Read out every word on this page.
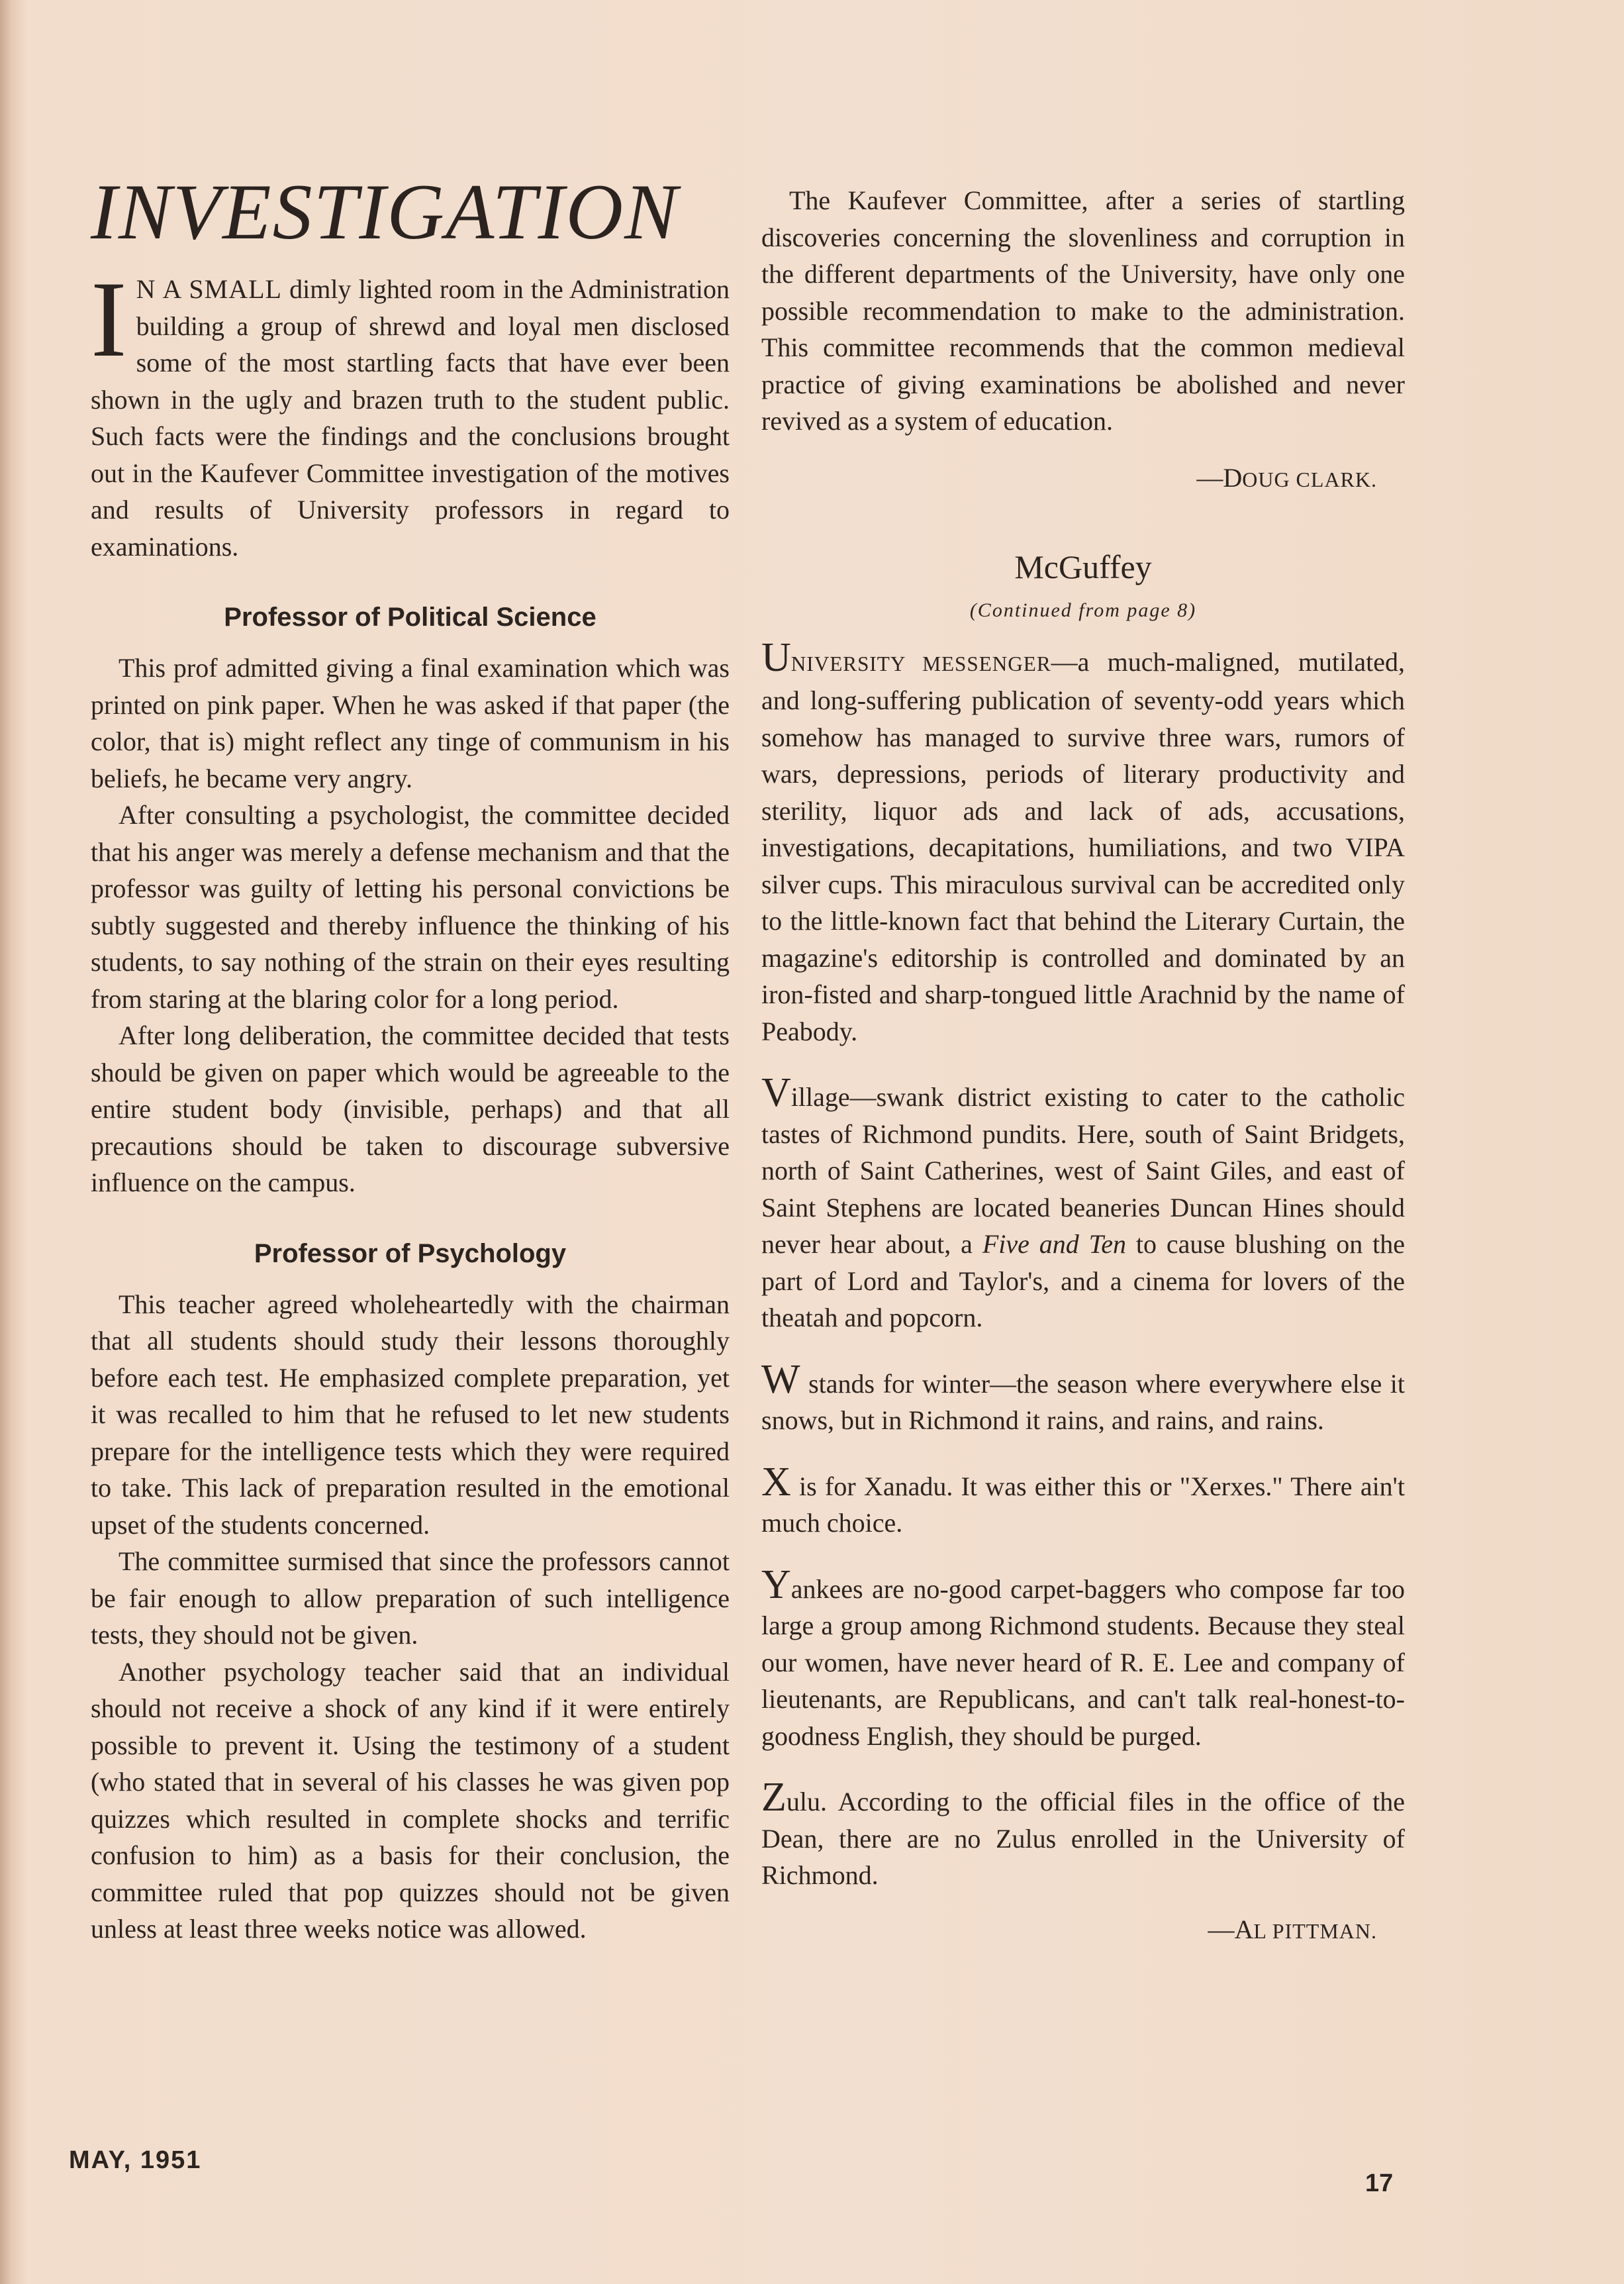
INVESTIGATION

I N A SMALL dimly lighted room in the Administration building a group of shrewd and loyal men disclosed some of the most startling facts that have ever been shown in the ugly and brazen truth to the student public. Such facts were the findings and the conclusions brought out in the Kaufever Committee investigation of the motives and results of University professors in regard to examinations.

Professor of Political Science

This prof admitted giving a final examination which was printed on pink paper. When he was asked if that paper (the color, that is) might reflect any tinge of communism in his beliefs, he became very angry.

After consulting a psychologist, the committee decided that his anger was merely a defense mechanism and that the professor was guilty of letting his personal convictions be subtly suggested and thereby influence the thinking of his students, to say nothing of the strain on their eyes resulting from staring at the blaring color for a long period.

After long deliberation, the committee decided that tests should be given on paper which would be agreeable to the entire student body (invisible, perhaps) and that all precautions should be taken to discourage subversive influence on the campus.

Professor of Psychology

This teacher agreed wholeheartedly with the chairman that all students should study their lessons thoroughly before each test. He emphasized complete preparation, yet it was recalled to him that he refused to let new students prepare for the intelligence tests which they were required to take. This lack of preparation resulted in the emotional upset of the students concerned.

The committee surmised that since the professors cannot be fair enough to allow preparation of such intelligence tests, they should not be given.

Another psychology teacher said that an individual should not receive a shock of any kind if it were entirely possible to prevent it. Using the testimony of a student (who stated that in several of his classes he was given pop quizzes which resulted in complete shocks and terrific confusion to him) as a basis for their conclusion, the committee ruled that pop quizzes should not be given unless at least three weeks notice was allowed.

The Kaufever Committee, after a series of startling discoveries concerning the slovenliness and corruption in the different departments of the University, have only one possible recommendation to make to the administration. This committee recommends that the common medieval practice of giving examinations be abolished and never revived as a system of education.

—DOUG CLARK.
McGuffey
(Continued from page 8)

UNIVERSITY MESSENGER—a much-maligned, mutilated, and long-suffering publication of seventy-odd years which somehow has managed to survive three wars, rumors of wars, depressions, periods of literary productivity and sterility, liquor ads and lack of ads, accusations, investigations, decapitations, humiliations, and two VIPA silver cups. This miraculous survival can be accredited only to the little-known fact that behind the Literary Curtain, the magazine's editorship is controlled and dominated by an iron-fisted and sharp-tongued little Arachnid by the name of Peabody.

Village—swank district existing to cater to the catholic tastes of Richmond pundits. Here, south of Saint Bridgets, north of Saint Catherines, west of Saint Giles, and east of Saint Stephens are located beaneries Duncan Hines should never hear about, a Five and Ten to cause blushing on the part of Lord and Taylor's, and a cinema for lovers of the theatah and popcorn.

W stands for winter—the season where everywhere else it snows, but in Richmond it rains, and rains, and rains.

X is for Xanadu. It was either this or "Xerxes." There ain't much choice.

Yankees are no-good carpet-baggers who compose far too large a group among Richmond students. Because they steal our women, have never heard of R. E. Lee and company of lieutenants, are Republicans, and can't talk real-honest-to-goodness English, they should be purged.

Zulu. According to the official files in the office of the Dean, there are no Zulus enrolled in the University of Richmond.

—AL PITTMAN.
MAY, 1951
17
